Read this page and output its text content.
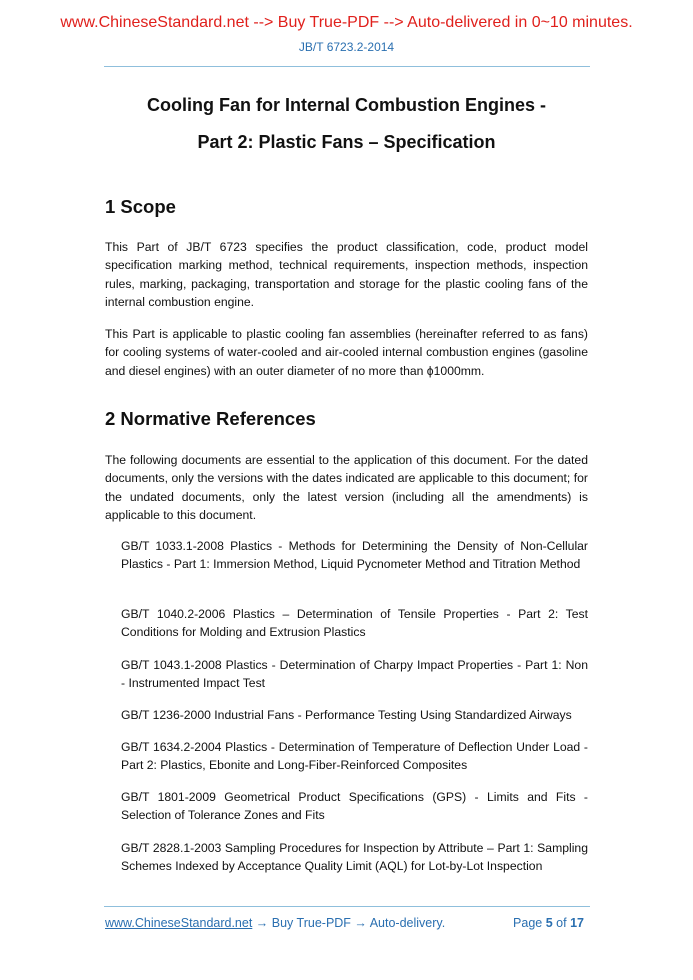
www.ChineseStandard.net --> Buy True-PDF --> Auto-delivered in 0~10 minutes.
JB/T 6723.2-2014
Cooling Fan for Internal Combustion Engines -
Part 2: Plastic Fans – Specification
1 Scope
This Part of JB/T 6723 specifies the product classification, code, product model specification marking method, technical requirements, inspection methods, inspection rules, marking, packaging, transportation and storage for the plastic cooling fans of the internal combustion engine.
This Part is applicable to plastic cooling fan assemblies (hereinafter referred to as fans) for cooling systems of water-cooled and air-cooled internal combustion engines (gasoline and diesel engines) with an outer diameter of no more than ϕ1000mm.
2 Normative References
The following documents are essential to the application of this document. For the dated documents, only the versions with the dates indicated are applicable to this document; for the undated documents, only the latest version (including all the amendments) is applicable to this document.
GB/T 1033.1-2008 Plastics - Methods for Determining the Density of Non-Cellular Plastics - Part 1: Immersion Method, Liquid Pycnometer Method and Titration Method
GB/T 1040.2-2006 Plastics – Determination of Tensile Properties - Part 2: Test Conditions for Molding and Extrusion Plastics
GB/T 1043.1-2008 Plastics - Determination of Charpy Impact Properties - Part 1: Non - Instrumented Impact Test
GB/T 1236-2000 Industrial Fans - Performance Testing Using Standardized Airways
GB/T 1634.2-2004 Plastics - Determination of Temperature of Deflection Under Load - Part 2: Plastics, Ebonite and Long-Fiber-Reinforced Composites
GB/T 1801-2009 Geometrical Product Specifications (GPS) - Limits and Fits - Selection of Tolerance Zones and Fits
GB/T 2828.1-2003 Sampling Procedures for Inspection by Attribute – Part 1: Sampling Schemes Indexed by Acceptance Quality Limit (AQL) for Lot-by-Lot Inspection
www.ChineseStandard.net → Buy True-PDF → Auto-delivery.	Page 5 of 17
